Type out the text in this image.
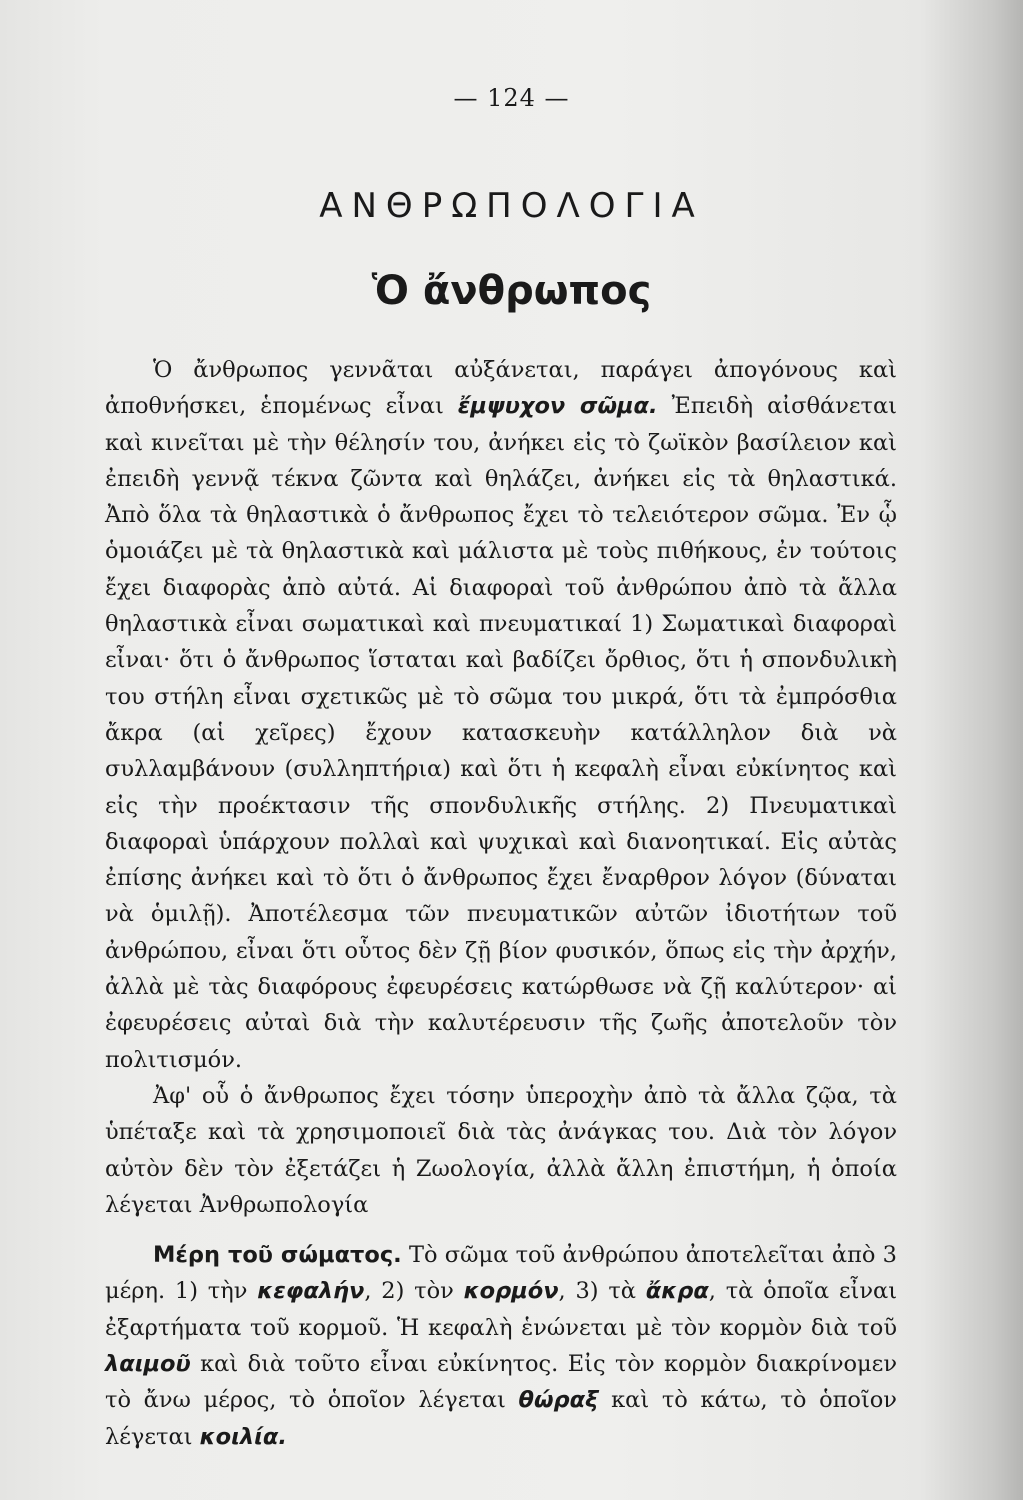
— 124 —
ΑΝΘΡΩΠΟΛΟΓΙΑ
Ὁ ἄνθρωπος

Ὁ ἄνθρωπος γεννᾶται αὐξάνεται, παράγει ἀπογόνους καὶ ἀποθνήσκει, ἑπομένως εἶναι ἔμψυχον σῶμα. Ἐπειδὴ αἰσθάνεται καὶ κινεῖται μὲ τὴν θέλησίν του, ἀνήκει εἰς τὸ ζωϊκὸν βασίλειον καὶ ἐπειδὴ γεννᾷ τέκνα ζῶντα καὶ θηλάζει, ἀνήκει εἰς τὰ θηλαστικά. Ἀπὸ ὅλα τὰ θηλαστικὰ ὁ ἄνθρωπος ἔχει τὸ τελειότερον σῶμα. Ἐν ᾧ ὁμοιάζει μὲ τὰ θηλαστικὰ καὶ μάλιστα μὲ τοὺς πιθήκους, ἐν τούτοις ἔχει διαφορὰς ἀπὸ αὐτά. Αἱ διαφοραὶ τοῦ ἀνθρώπου ἀπὸ τὰ ἄλλα θηλαστικὰ εἶναι σωματικαὶ καὶ πνευματικαί 1) Σωματικαὶ διαφοραὶ εἶναι· ὅτι ὁ ἄνθρωπος ἵσταται καὶ βαδίζει ὄρθιος, ὅτι ἡ σπονδυλικὴ του στήλη εἶναι σχετικῶς μὲ τὸ σῶμα του μικρά, ὅτι τὰ ἐμπρόσθια ἄκρα (αἱ χεῖρες) ἔχουν κατασκευὴν κατάλληλον διὰ νὰ συλλαμβάνουν (συλληπτήρια) καὶ ὅτι ἡ κεφαλὴ εἶναι εὐκίνητος καὶ εἰς τὴν προέκτασιν τῆς σπονδυλικῆς στήλης. 2) Πνευματικαὶ διαφοραὶ ὑπάρχουν πολλαὶ καὶ ψυχικαὶ καὶ διανοητικαί. Εἰς αὐτὰς ἐπίσης ἀνήκει καὶ τὸ ὅτι ὁ ἄνθρωπος ἔχει ἔναρθρον λόγον (δύναται νὰ ὁμιλῇ). Ἀποτέλεσμα τῶν πνευματικῶν αὐτῶν ἰδιοτήτων τοῦ ἀνθρώπου, εἶναι ὅτι οὗτος δὲν ζῇ βίον φυσικόν, ὅπως εἰς τὴν ἀρχήν, ἀλλὰ μὲ τὰς διαφόρους ἐφευρέσεις κατώρθωσε νὰ ζῇ καλύτερον· αἱ ἐφευρέσεις αὐταὶ διὰ τὴν καλυτέρευσιν τῆς ζωῆς ἀποτελοῦν τὸν πολιτισμόν.

Ἀφ' οὗ ὁ ἄνθρωπος ἔχει τόσην ὑπεροχὴν ἀπὸ τὰ ἄλλα ζῷα, τὰ ὑπέταξε καὶ τὰ χρησιμοποιεῖ διὰ τὰς ἀνάγκας του. Διὰ τὸν λόγον αὐτὸν δὲν τὸν ἐξετάζει ἡ Ζωολογία, ἀλλὰ ἄλλη ἐπιστήμη, ἡ ὁποία λέγεται Ἀνθρωπολογία

Μέρη τοῦ σώματος. Τὸ σῶμα τοῦ ἀνθρώπου ἀποτελεῖται ἀπὸ 3 μέρη. 1) τὴν κεφαλήν, 2) τὸν κορμόν, 3) τὰ ἄκρα, τὰ ὁποῖα εἶναι ἐξαρτήματα τοῦ κορμοῦ. Ἡ κεφαλὴ ἑνώνεται μὲ τὸν κορμὸν διὰ τοῦ λαιμοῦ καὶ διὰ τοῦτο εἶναι εὐκίνητος. Εἰς τὸν κορμὸν διακρίνομεν τὸ ἄνω μέρος, τὸ ὁποῖον λέγεται θώραξ καὶ τὸ κάτω, τὸ ὁποῖον λέγεται κοιλία.
